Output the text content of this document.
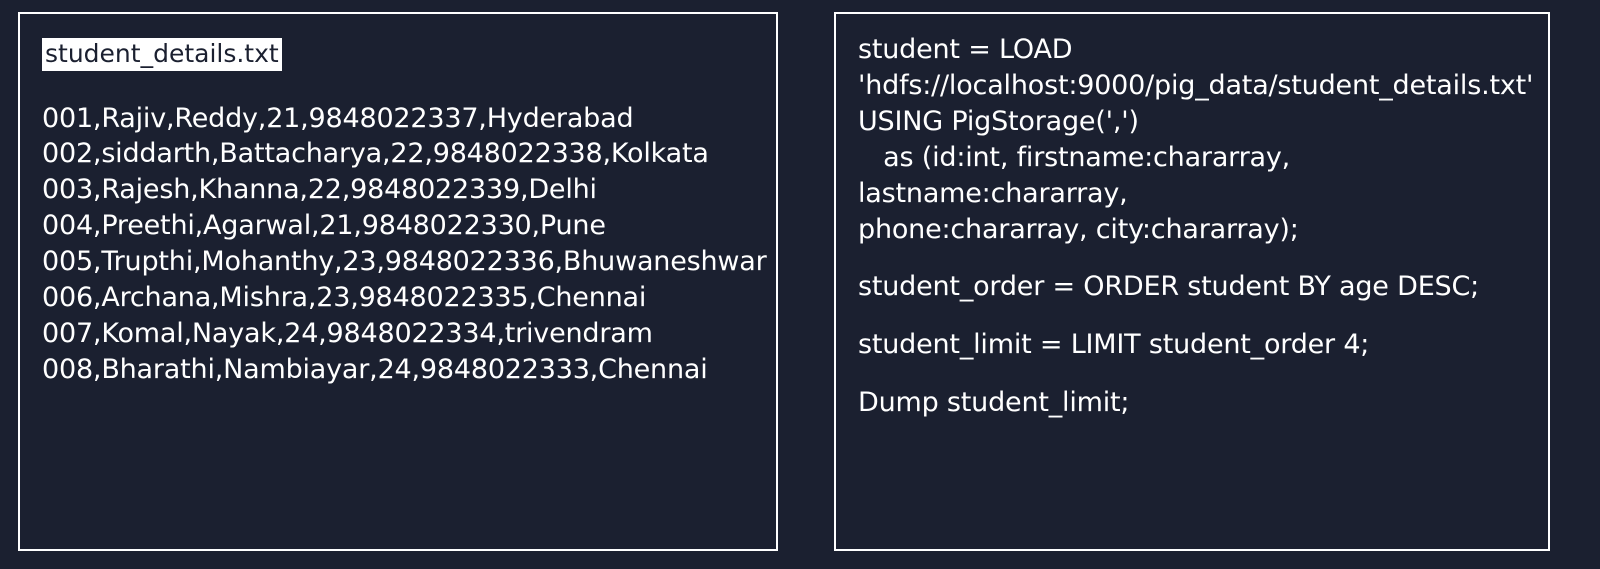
student_details.txt
001,Rajiv,Reddy,21,9848022337,Hyderabad
002,siddarth,Battacharya,22,9848022338,Kolkata
003,Rajesh,Khanna,22,9848022339,Delhi
004,Preethi,Agarwal,21,9848022330,Pune
005,Trupthi,Mohanthy,23,9848022336,Bhuwaneshwar
006,Archana,Mishra,23,9848022335,Chennai
007,Komal,Nayak,24,9848022334,trivendram
008,Bharathi,Nambiayar,24,9848022333,Chennai
student = LOAD
'hdfs://localhost:9000/pig_data/student_details.txt'
USING PigStorage(',')
as (id:int, firstname:chararray, lastname:chararray,
phone:chararray, city:chararray);
student_order = ORDER student BY age DESC;
student_limit = LIMIT student_order 4;
Dump student_limit;
